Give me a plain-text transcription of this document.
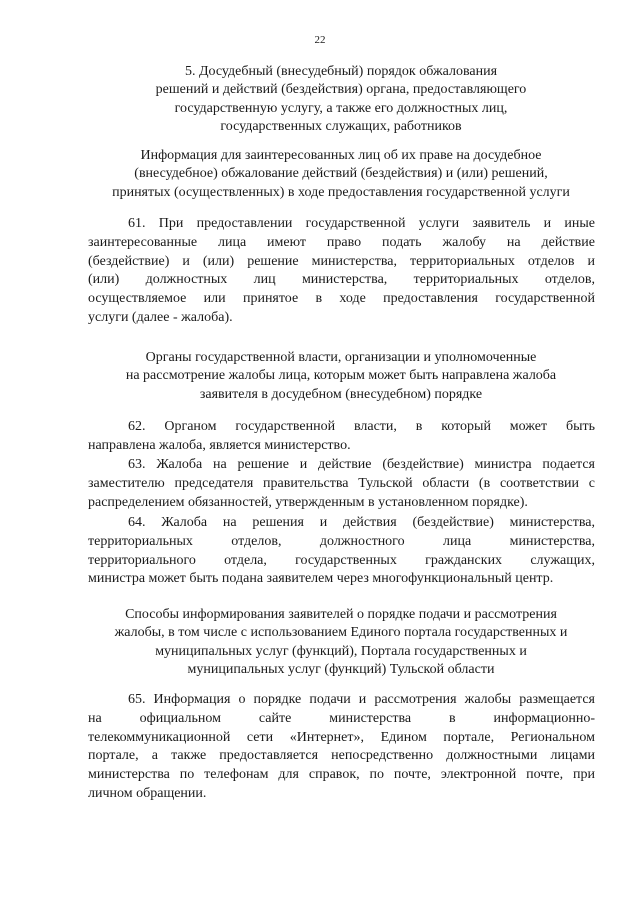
22
5. Досудебный (внесудебный) порядок обжалования
решений и действий (бездействия) органа, предоставляющего
государственную услугу, а также его должностных лиц,
государственных служащих, работников
Информация для заинтересованных лиц об их праве на досудебное
(внесудебное) обжалование действий (бездействия) и (или) решений,
принятых (осуществленных) в ходе предоставления государственной услуги
61. При предоставлении государственной услуги заявитель и иные
заинтересованные лица имеют право подать жалобу на действие
(бездействие) и (или) решение министерства, территориальных отделов и
(или) должностных лиц министерства, территориальных отделов,
осуществляемое или принятое в ходе предоставления государственной
услуги (далее - жалоба).
Органы государственной власти, организации и уполномоченные
на рассмотрение жалобы лица, которым может быть направлена жалоба
заявителя в досудебном (внесудебном) порядке
62. Органом государственной власти, в который может быть
направлена жалоба, является министерство.
63. Жалоба на решение и действие (бездействие) министра подается
заместителю председателя правительства Тульской области (в соответствии с
распределением обязанностей, утвержденным в установленном порядке).
64. Жалоба на решения и действия (бездействие) министерства,
территориальных отделов, должностного лица министерства,
территориального отдела, государственных гражданских служащих,
министра может быть подана заявителем через многофункциональный центр.
Способы информирования заявителей о порядке подачи и рассмотрения
жалобы, в том числе с использованием Единого портала государственных и
муниципальных услуг (функций), Портала государственных и
муниципальных услуг (функций) Тульской области
65. Информация о порядке подачи и рассмотрения жалобы размещается
на официальном сайте министерства в информационно-
телекоммуникационной сети «Интернет», Едином портале, Региональном
портале, а также предоставляется непосредственно должностными лицами
министерства по телефонам для справок, по почте, электронной почте, при
личном обращении.
